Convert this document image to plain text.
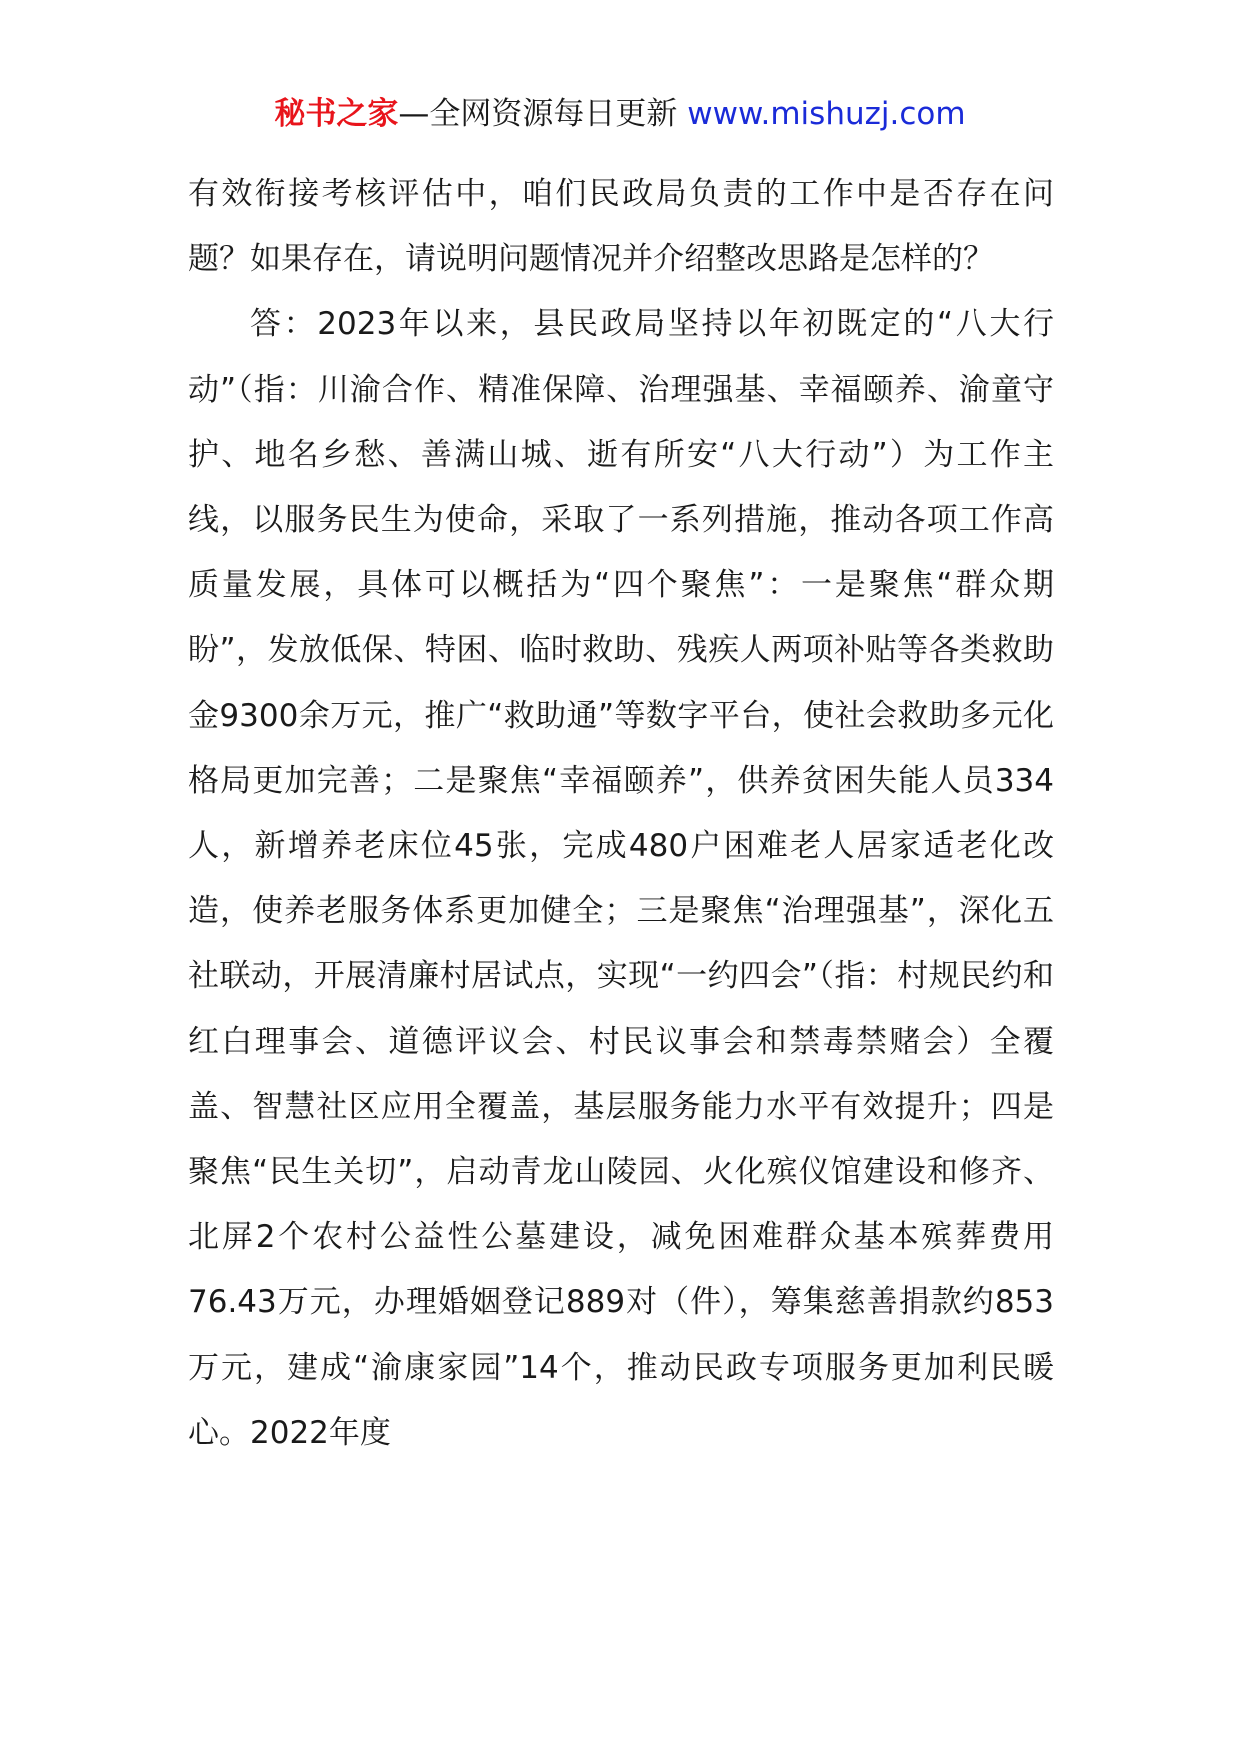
秘书之家—全网资源每日更新 www.mishuzj.com

有效衔接考核评估中，咱们民政局负责的工作中是否存在问题？如果存在，请说明问题情况并介绍整改思路是怎样的？

答：2023年以来，县民政局坚持以年初既定的“八大行动”（指：川渝合作、精准保障、治理强基、幸福颐养、渝童守护、地名乡愁、善满山城、逝有所安“八大行动”）为工作主线，以服务民生为使命，采取了一系列措施，推动各项工作高质量发展，具体可以概括为“四个聚焦”：一是聚焦“群众期盼”，发放低保、特困、临时救助、残疾人两项补贴等各类救助金9300余万元，推广“救助通”等数字平台，使社会救助多元化格局更加完善；二是聚焦“幸福颐养”，供养贫困失能人员334人，新增养老床位45张，完成480户困难老人居家适老化改造，使养老服务体系更加健全；三是聚焦“治理强基”，深化五社联动，开展清廉村居试点，实现“一约四会”（指：村规民约和红白理事会、道德评议会、村民议事会和禁毒禁赌会）全覆盖、智慧社区应用全覆盖，基层服务能力水平有效提升；四是聚焦“民生关切”，启动青龙山陵园、火化殡仪馆建设和修齐、北屏2个农村公益性公墓建设，减免困难群众基本殡葬费用76.43万元，办理婚姻登记889对（件），筹集慈善捐款约853万元，建成“渝康家园”14个，推动民政专项服务更加利民暖心。2022年度
